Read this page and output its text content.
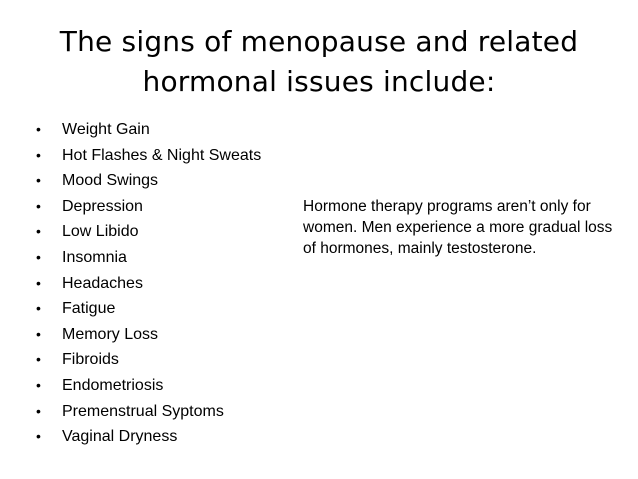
The signs of menopause and related
hormonal issues include:
• Weight Gain
• Hot Flashes & Night Sweats
• Mood Swings
• Depression
• Low Libido
• Insomnia
• Headaches
• Fatigue
• Memory Loss
• Fibroids
• Endometriosis
• Premenstrual Syptoms
• Vaginal Dryness
Hormone therapy programs aren’t only for women. Men experience a more gradual loss of hormones, mainly testosterone.
